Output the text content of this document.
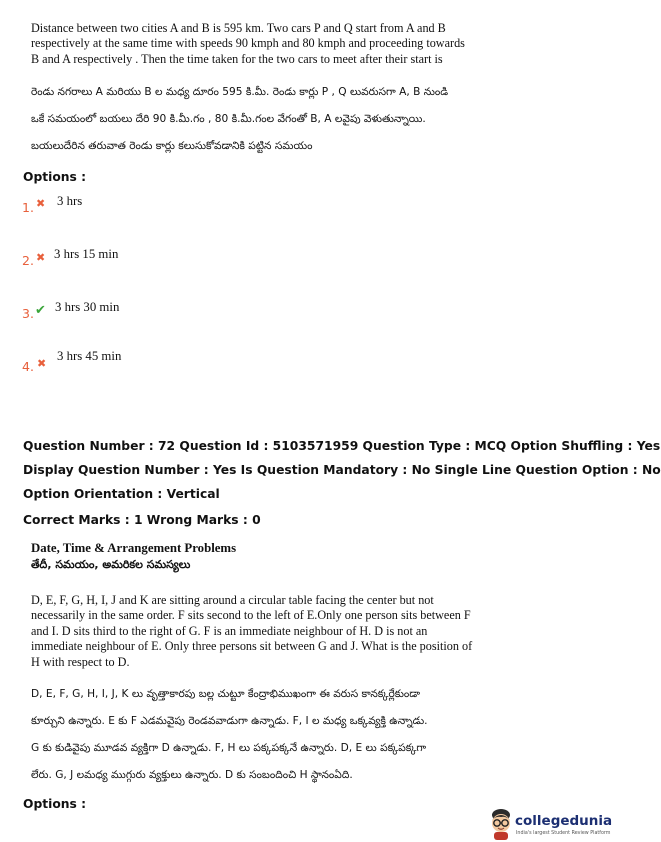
Distance between two cities A and B is 595 km. Two cars P and Q start from A and B
respectively at the same time with speeds 90 kmph and 80 kmph and proceeding towards
B and A respectively . Then the time taken for the two cars to meet after their start is
రెండు నగరాలు A మరియు B ల మధ్య దూరం 595 కి.మీ. రెండు కార్లు P , Q లువరుసగా A, B నుండి
ఒకే సమయంలో బయలు దేరి 90 కి.మీ.గం , 80 కి.మీ.గంల వేగంతో B, A లవైపు వెళుతున్నాయి.
బయలుదేరిన తరువాత రెండు కార్లు కలుసుకోవడానికి పట్టిన సమయం
Options :
1. ✖ 3 hrs
2. ✖ 3 hrs 15 min
3. ✔ 3 hrs 30 min
4. ✖
3 hrs 45 min
Question Number : 72 Question Id : 5103571959 Question Type : MCQ Option Shuffling : Yes
Display Question Number : Yes Is Question Mandatory : No Single Line Question Option : No
Option Orientation : Vertical
Correct Marks : 1 Wrong Marks : 0
Date, Time & Arrangement Problems
తేదీ, సమయం, అమరికల సమస్యలు
D, E, F, G, H, I, J and K are sitting around a circular table facing the center but not
necessarily in the same order. F sits second to the left of E.Only one person sits between F
and I. D sits third to the right of G. F is an immediate neighbour of H. D is not an
immediate neighbour of E. Only three persons sit between G and J. What is the position of
H with respect to D.
D, E, F, G, H, I, J, K లు వృత్తాకారపు బల్ల చుట్టూ కేంద్రాభిముఖంగా ఈ వరుస కానక్కర్లేకుండా
కూర్చుని ఉన్నారు. E కు F ఎడమవైపు రెండవవాడుగా ఉన్నాడు. F, I ల మధ్య ఒక్కవ్యక్తి ఉన్నాడు.
G కు కుడివైపు మూడవ వ్యక్తిగా D ఉన్నాడు. F, H లు పక్కపక్కనే ఉన్నారు. D, E లు పక్కపక్కగా
లేరు. G, J లమధ్య ముగ్గురు వ్యక్తులు ఉన్నారు. D కు సంబందించి H స్థానంఏది.
Options :
collegedunia
India's largest Student Review Platform
